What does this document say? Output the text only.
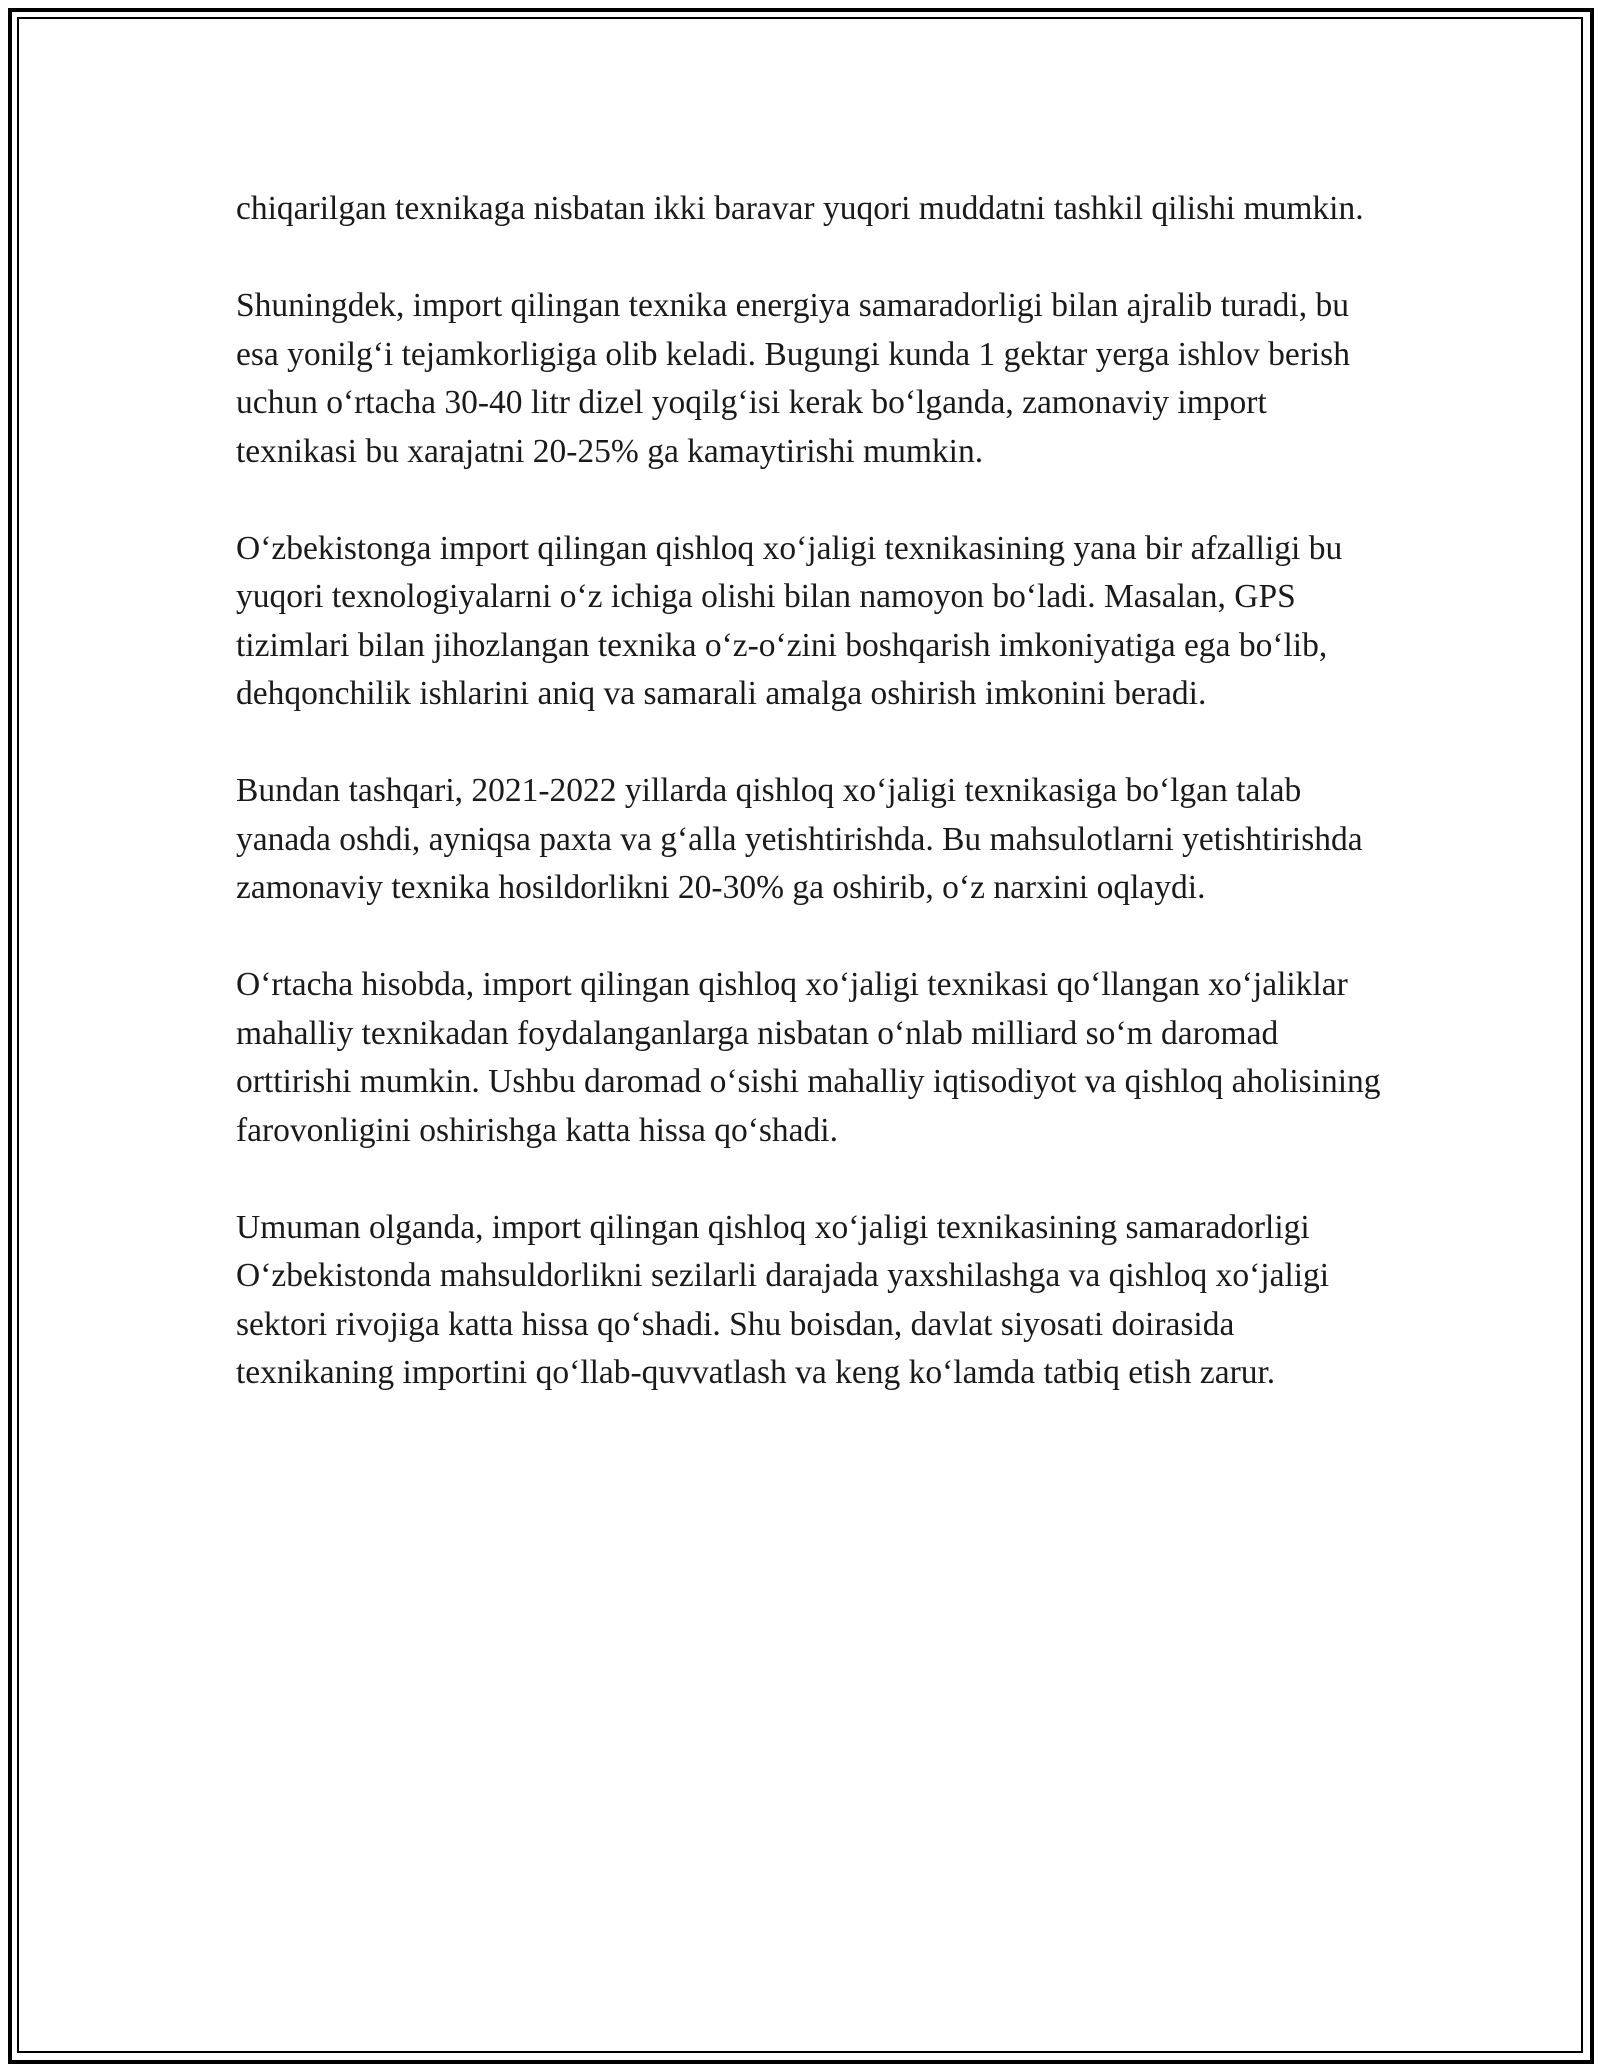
chiqarilgan texnikaga nisbatan ikki baravar yuqori muddatni tashkil qilishi mumkin.

Shuningdek, import qilingan texnika energiya samaradorligi bilan ajralib turadi, bu esa yonilgʻi tejamkorligiga olib keladi. Bugungi kunda 1 gektar yerga ishlov berish uchun oʻrtacha 30-40 litr dizel yoqilgʻisi kerak boʻlganda, zamonaviy import texnikasi bu xarajatni 20-25% ga kamaytirishi mumkin.

Oʻzbekistonga import qilingan qishloq xoʻjaligi texnikasining yana bir afzalligi bu yuqori texnologiyalarni oʻz ichiga olishi bilan namoyon boʻladi. Masalan, GPS tizimlari bilan jihozlangan texnika oʻz-oʻzini boshqarish imkoniyatiga ega boʻlib, dehqonchilik ishlarini aniq va samarali amalga oshirish imkonini beradi.

Bundan tashqari, 2021-2022 yillarda qishloq xoʻjaligi texnikasiga boʻlgan talab yanada oshdi, ayniqsa paxta va gʻalla yetishtirishda. Bu mahsulotlarni yetishtirishda zamonaviy texnika hosildorlikni 20-30% ga oshirib, oʻz narxini oqlaydi.

Oʻrtacha hisobda, import qilingan qishloq xoʻjaligi texnikasi qoʻllangan xoʻjaliklar mahalliy texnikadan foydalanganlarga nisbatan oʻnlab milliard soʻm daromad orttirishi mumkin. Ushbu daromad oʻsishi mahalliy iqtisodiyot va qishloq aholisining farovonligini oshirishga katta hissa qoʻshadi.

Umuman olganda, import qilingan qishloq xoʻjaligi texnikasining samaradorligi Oʻzbekistonda mahsuldorlikni sezilarli darajada yaxshilashga va qishloq xoʻjaligi sektori rivojiga katta hissa qoʻshadi. Shu boisdan, davlat siyosati doirasida texnikaning importini qoʻllab-quvvatlash va keng koʻlamda tatbiq etish zarur.
